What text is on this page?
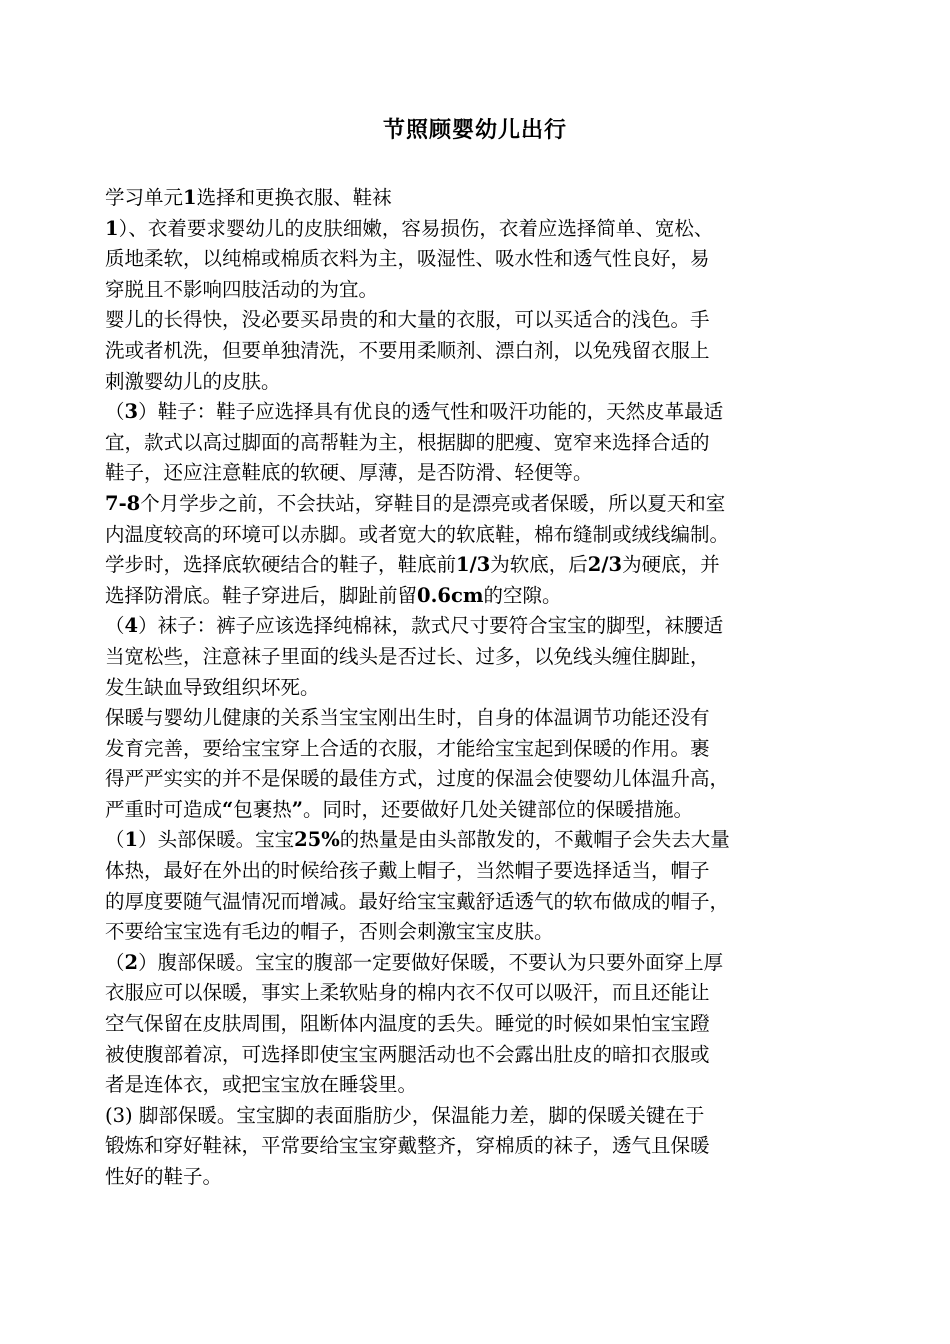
节照顾婴幼儿出行
学习单元1选择和更换衣服、鞋袜
1）、衣着要求婴幼儿的皮肤细嫩，容易损伤，衣着应选择简单、宽松、
质地柔软，以纯棉或棉质衣料为主，吸湿性、吸水性和透气性良好，易
穿脱且不影响四肢活动的为宜。
婴儿的长得快，没必要买昂贵的和大量的衣服，可以买适合的浅色。手
洗或者机洗，但要单独清洗，不要用柔顺剂、漂白剂，以免残留衣服上
刺激婴幼儿的皮肤。
（3）鞋子：鞋子应选择具有优良的透气性和吸汗功能的，天然皮革最适
宜，款式以高过脚面的高帮鞋为主，根据脚的肥瘦、宽窄来选择合适的
鞋子，还应注意鞋底的软硬、厚薄，是否防滑、轻便等。
7-8个月学步之前，不会扶站，穿鞋目的是漂亮或者保暖，所以夏天和室
内温度较高的环境可以赤脚。或者宽大的软底鞋，棉布缝制或绒线编制。
学步时，选择底软硬结合的鞋子，鞋底前1/3为软底，后2/3为硬底，并
选择防滑底。鞋子穿进后，脚趾前留0.6cm的空隙。
（4）袜子：裤子应该选择纯棉袜，款式尺寸要符合宝宝的脚型，袜腰适
当宽松些，注意袜子里面的线头是否过长、过多，以免线头缠住脚趾，
发生缺血导致组织坏死。
保暖与婴幼儿健康的关系当宝宝刚出生时，自身的体温调节功能还没有
发育完善，要给宝宝穿上合适的衣服，才能给宝宝起到保暖的作用。裹
得严严实实的并不是保暖的最佳方式，过度的保温会使婴幼儿体温升高，
严重时可造成“包裹热”。同时，还要做好几处关键部位的保暖措施。
（1）头部保暖。宝宝25%的热量是由头部散发的，不戴帽子会失去大量
体热，最好在外出的时候给孩子戴上帽子，当然帽子要选择适当，帽子
的厚度要随气温情况而增减。最好给宝宝戴舒适透气的软布做成的帽子，
不要给宝宝选有毛边的帽子，否则会刺激宝宝皮肤。
（2）腹部保暖。宝宝的腹部一定要做好保暖，不要认为只要外面穿上厚
衣服应可以保暖，事实上柔软贴身的棉内衣不仅可以吸汗，而且还能让
空气保留在皮肤周围，阻断体内温度的丢失。睡觉的时候如果怕宝宝蹬
被使腹部着凉，可选择即使宝宝两腿活动也不会露出肚皮的暗扣衣服或
者是连体衣，或把宝宝放在睡袋里。
(3) 脚部保暖。宝宝脚的表面脂肪少，保温能力差，脚的保暖关键在于
锻炼和穿好鞋袜，平常要给宝宝穿戴整齐，穿棉质的袜子，透气且保暖
性好的鞋子。
